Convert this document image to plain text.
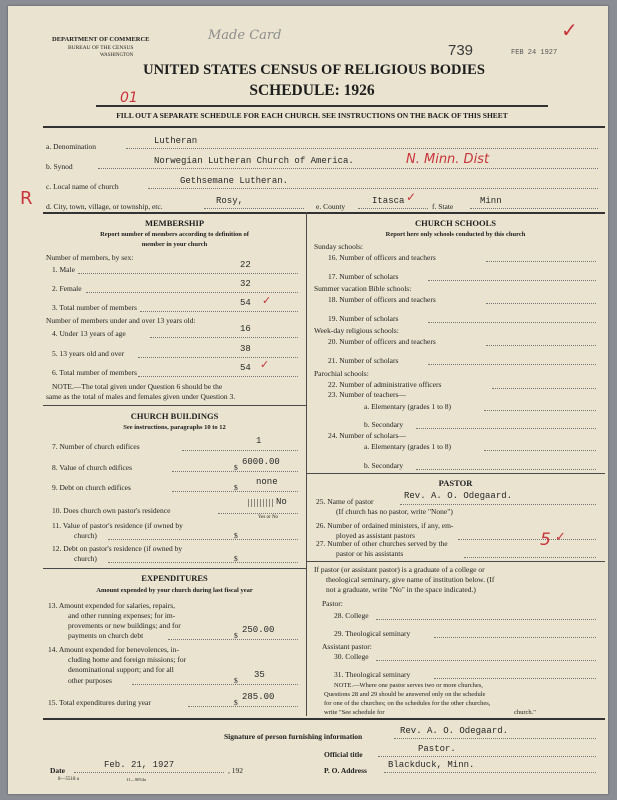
DEPARTMENT OF COMMERCE
BUREAU OF THE CENSUS
WASHINGTON
Made Card
739	FEB 24 1927
✓
UNITED STATES CENSUS OF RELIGIOUS BODIES
SCHEDULE: 1926
01
FILL OUT A SEPARATE SCHEDULE FOR EACH CHURCH. SEE INSTRUCTIONS ON THE BACK OF THIS SHEET
a. Denomination
Lutheran
b. Synod
Norwegian Lutheran Church of America.	N. Minn. Dist
c. Local name of church
Gethsemane Lutheran.
R d. City, town, village, or township, etc.
Rosy,
e. County
Itasca ✓
f. State
Minn
MEMBERSHIP
Report number of members according to definition of
member in your church
Number of members, by sex:
1. Male	22
2. Female	32
3. Total number of members	54 ✓
Number of members under and over 13 years old:
4. Under 13 years of age	16
5. 13 years old and over	38
6. Total number of members	54 ✓
NOTE.—The total given under Question 6 should be the
same as the total of males and females given under Question 3.
CHURCH BUILDINGS
See instructions, paragraphs 10 to 12
7. Number of church edifices
1
8. Value of church edifices	$
6000.00
9. Debt on church edifices	$
none
10. Does church own pastor's residence
No
Yes or No
11. Value of pastor's residence (if owned by
church)	$
12. Debt on pastor's residence (if owned by
church)	$
EXPENDITURES
Amount expended by your church during last fiscal year
13. Amount expended for salaries, repairs,
and other running expenses; for im-
provements or new buildings; and for
payments on church debt	$
250.00
14. Amount expended for benevolences, in-
cluding home and foreign missions; for
denominational support; and for all
other purposes	$
35
15. Total expenditures during year	$
285.00
CHURCH SCHOOLS
Report here only schools conducted by this church
Sunday schools:
16. Number of officers and teachers
17. Number of scholars
Summer vacation Bible schools:
18. Number of officers and teachers
19. Number of scholars
Week-day religious schools:
20. Number of officers and teachers
21. Number of scholars
Parochial schools:
22. Number of administrative officers
23. Number of teachers—
a. Elementary (grades 1 to 8)
b. Secondary
24. Number of scholars—
a. Elementary (grades 1 to 8)
b. Secondary
PASTOR
25. Name of pastor
Rev. A. O. Odegaard.
(If church has no pastor, write "None")
26. Number of ordained ministers, if any, em-
ployed as assistant pastors
27. Number of other churches served by the
pastor or his assistants
5 ✓
If pastor (or assistant pastor) is a graduate of a college or
theological seminary, give name of institution below. (If
not a graduate, write "No" in the space indicated.)
Pastor:
28. College
29. Theological seminary
Assistant pastor:
30. College
31. Theological seminary
NOTE.—Where one pastor serves two or more churches,
Questions 28 and 29 should be answered only on the schedule
for one of the churches; on the schedules for the other churches,
write "See schedule for	church."
Signature of person furnishing information
Rev. A. O. Odegaard.
Official title
Pastor.
Date
Feb. 21, 1927
, 192	P. O. Address
Blackduck, Minn.
8—5518 a	11—9054a
